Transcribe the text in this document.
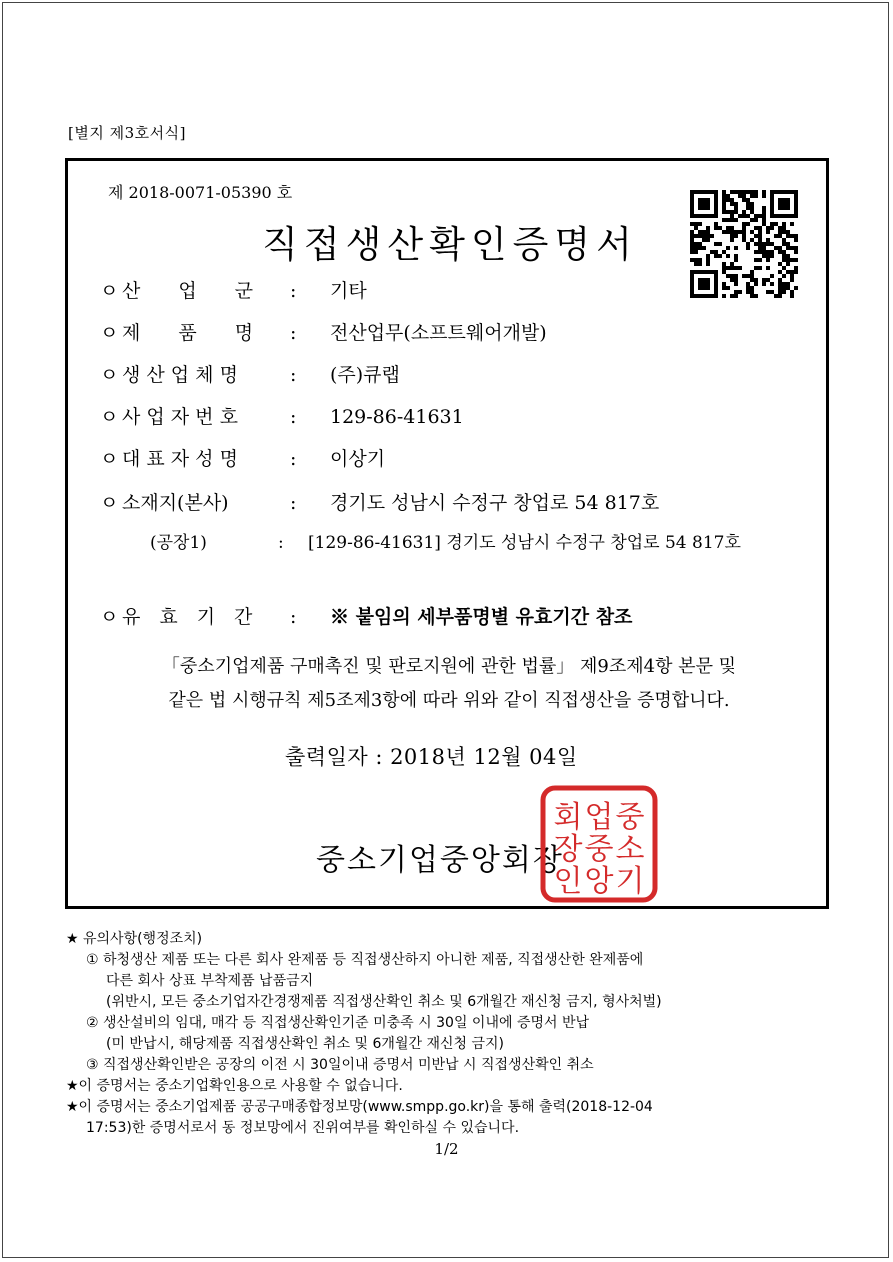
[별지 제3호서식]
제 2018-0071-05390 호
직접생산확인증명서
ㅇ 산　　업　　군 : 기타
ㅇ 제　　품　　명 : 전산업무(소프트웨어개발)
ㅇ 생 산 업 체 명	: (주)큐랩
ㅇ 사 업 자 번 호	: 129-86-41631
ㅇ 대 표 자 성 명	: 이상기
ㅇ 소재지(본사)	: 경기도 성남시 수정구 창업로 54 817호
(공장1)	: [129-86-41631] 경기도 성남시 수정구 창업로 54 817호
ㅇ 유　효　기　간 : ※ 붙임의 세부품명별 유효기간 참조
「중소기업제품 구매촉진 및 판로지원에 관한 법률」 제9조제4항 본문 및
같은 법 시행규칙 제5조제3항에 따라 위와 같이 직접생산을 증명합니다.
출력일자 : 2018년 12월 04일
중소기업중앙회장
중
소
기
업
중
앙
회
장
인
★ 유의사항(행정조치)
① 하청생산 제품 또는 다른 회사 완제품 등 직접생산하지 아니한 제품, 직접생산한 완제품에
다른 회사 상표 부착제품 납품금지
(위반시, 모든 중소기업자간경쟁제품 직접생산확인 취소 및 6개월간 재신청 금지, 형사처벌)
② 생산설비의 임대, 매각 등 직접생산확인기준 미충족 시 30일 이내에 증명서 반납
(미 반납시, 해당제품 직접생산확인 취소 및 6개월간 재신청 금지)
③ 직접생산확인받은 공장의 이전 시 30일이내 증명서 미반납 시 직접생산확인 취소
★이 증명서는 중소기업확인용으로 사용할 수 없습니다.
★이 증명서는 중소기업제품 공공구매종합정보망(www.smpp.go.kr)을 통해 출력(2018-12-04
17:53)한 증명서로서 동 정보망에서 진위여부를 확인하실 수 있습니다.
1/2
